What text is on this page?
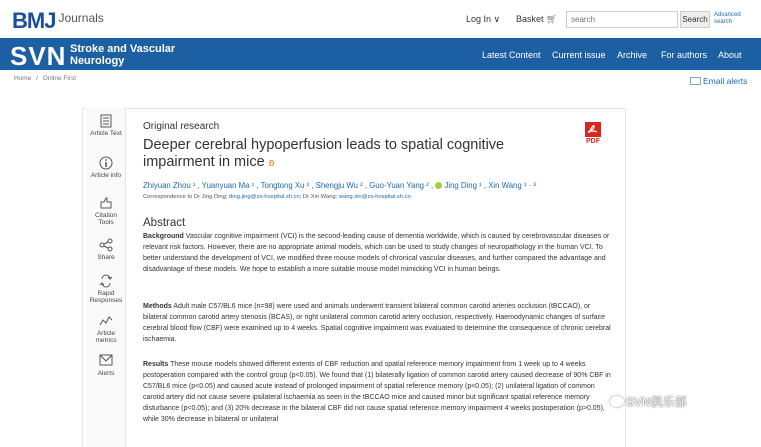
BMJ Journals	Log In ∨ Basket 🛒︎
search	Search	Advanced search
SVN Stroke and Vascular
Neurology	Latest Content Current issue Archive For authors About
Home / Online First	Email alerts
Article Text
Article info
Citation Tools
Share
Rapid Responses
Article metrics
Alerts
Original research
Deeper cerebral hypoperfusion leads to spatial cognitive impairment in mice ʚ
PDF
Zhiyuan Zhou ¹ , Yuanyuan Ma ¹ , Tongtong Xu ² , Shengju Wu ² , Guo-Yuan Yang ² ,  Jing Ding ¹ , Xin Wang ¹ · ³
Correspondence to Dr Jing Ding; ding.jing@zs-hospital.sh.cn; Dr Xin Wang; wang.xin@zs-hospital.sh.cn
Abstract
Background Vascular cognitive impairment (VCI) is the second-leading cause of dementia worldwide, which is caused by cerebrovascular diseases or relevant risk factors. However, there are no appropriate animal models, which can be used to study changes of neuropathology in the human VCI. To better understand the development of VCI, we modified three mouse models of chronical vascular diseases, and further compared the advantage and disadvantage of these models. We hope to establish a more suitable mouse model mimicking VCI in human beings.
Methods Adult male C57/BL6 mice (n=98) were used and animals underwent transient bilateral common carotid arteries occlusion (tBCCAO), or bilateral common carotid artery stenosis (BCAS), or right unilateral common carotid artery occlusion, respectively. Haemodynamic changes of surface cerebral blood flow (CBF) were examined up to 4 weeks. Spatial cognitive impairment was evaluated to determine the consequence of chronic cerebral ischaemia.
Results These mouse models showed different extents of CBF reduction and spatial reference memory impairment from 1 week up to 4 weeks postoperation compared with the control group (p<0.05). We found that (1) bilaterally ligation of common carotid artery caused decrease of 90% CBF in C57/BL6 mice (p<0.05) and caused acute instead of prolonged impairment of spatial reference memory (p<0.05); (2) unilateral ligation of common carotid artery did not cause severe ipsilateral ischaemia as seen in the tBCCAO mice and caused minor but significant spatial reference memory disturbance (p<0.05); and (3) 20% decrease in the bilateral CBF did not cause spatial reference memory impairment 4 weeks postoperation (p>0.05), while 30% decrease in bilateral or unilateral
SVN俱乐部
